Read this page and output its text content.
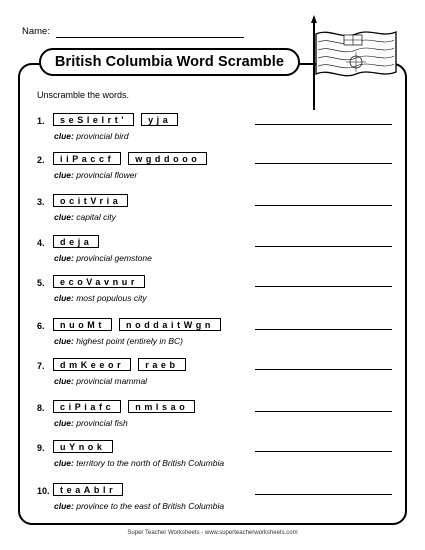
Name:
British Columbia Word Scramble
Unscramble the words.
1.	seSlelrt'	yja
clue: provincial bird
2.	iiPaccf	wgddooo
clue: provincial flower
3.	ocitVria
clue: capital city
4.	deja
clue: provincial gemstone
5.	ecoVavnur
clue: most populous city
6.	nuoMt	noddaitWgn
clue: highest point (entirely in BC)
7.	dmKeeor	raeb
clue: provincial mammal
8.	ciPiafc	nmlsao
clue: provincial fish
9.	uYnok
clue: territory to the north of British Columbia
10.	teaAblr
clue: province to the east of British Columbia
Super Teacher Worksheets - www.superteacherworksheets.com
